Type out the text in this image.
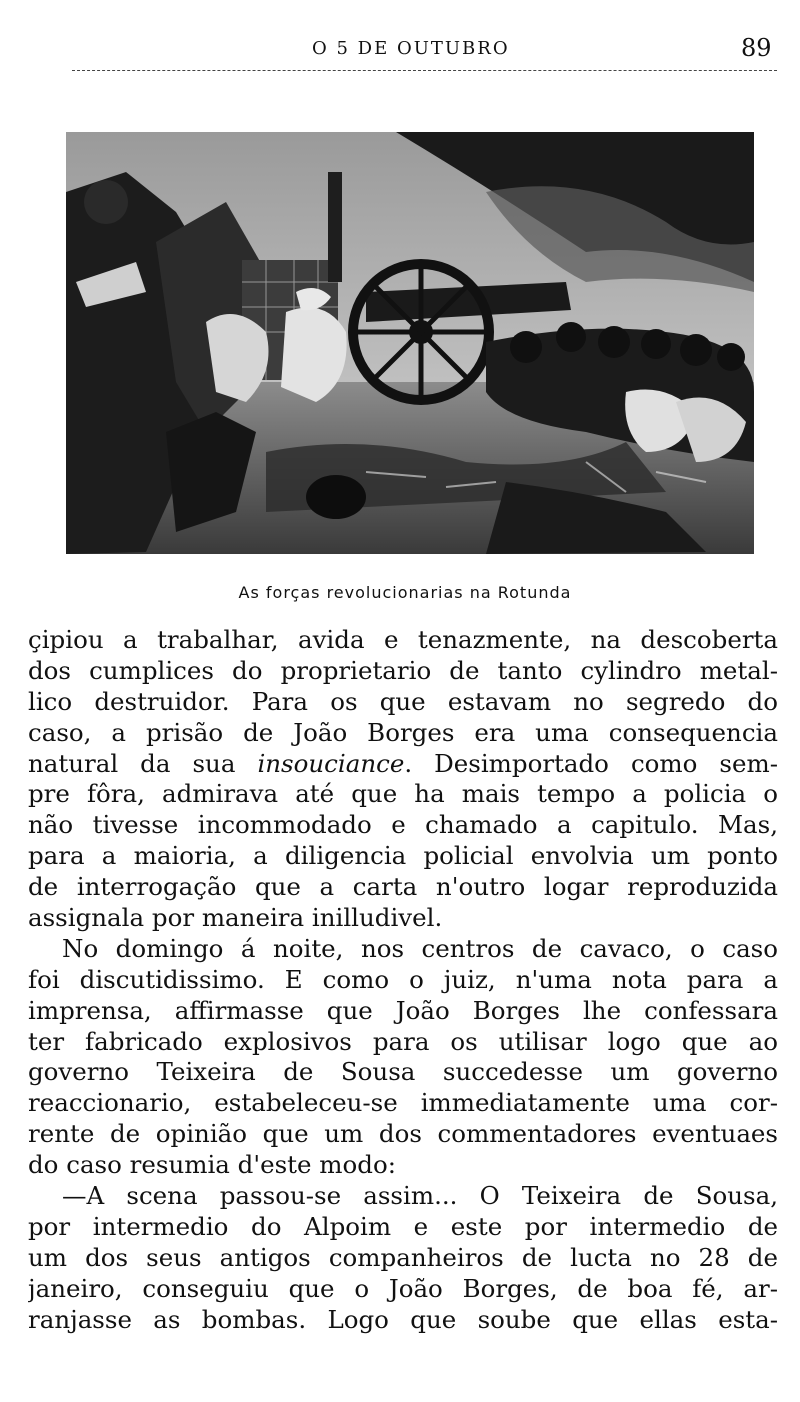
O 5 DE OUTUBRO	89
As forças revolucionarias na Rotunda
çipiou a trabalhar, avida e tenazmente, na descoberta
dos cumplices do proprietario de tanto cylindro metal-
lico destruidor. Para os que estavam no segredo do
caso, a prisão de João Borges era uma consequencia
natural da sua insouciance. Desimportado como sem-
pre fôra, admirava até que ha mais tempo a policia o
não tivesse incommodado e chamado a capitulo. Mas,
para a maioria, a diligencia policial envolvia um ponto
de interrogação que a carta n'outro logar reproduzida
assignala por maneira inilludivel.
No domingo á noite, nos centros de cavaco, o caso
foi discutidissimo. E como o juiz, n'uma nota para a
imprensa, affirmasse que João Borges lhe confessara
ter fabricado explosivos para os utilisar logo que ao
governo Teixeira de Sousa succedesse um governo
reaccionario, estabeleceu-se immediatamente uma cor-
rente de opinião que um dos commentadores eventuaes
do caso resumia d'este modo:
—A scena passou-se assim... O Teixeira de Sousa,
por intermedio do Alpoim e este por intermedio de
um dos seus antigos companheiros de lucta no 28 de
janeiro, conseguiu que o João Borges, de boa fé, ar-
ranjasse as bombas. Logo que soube que ellas esta-
